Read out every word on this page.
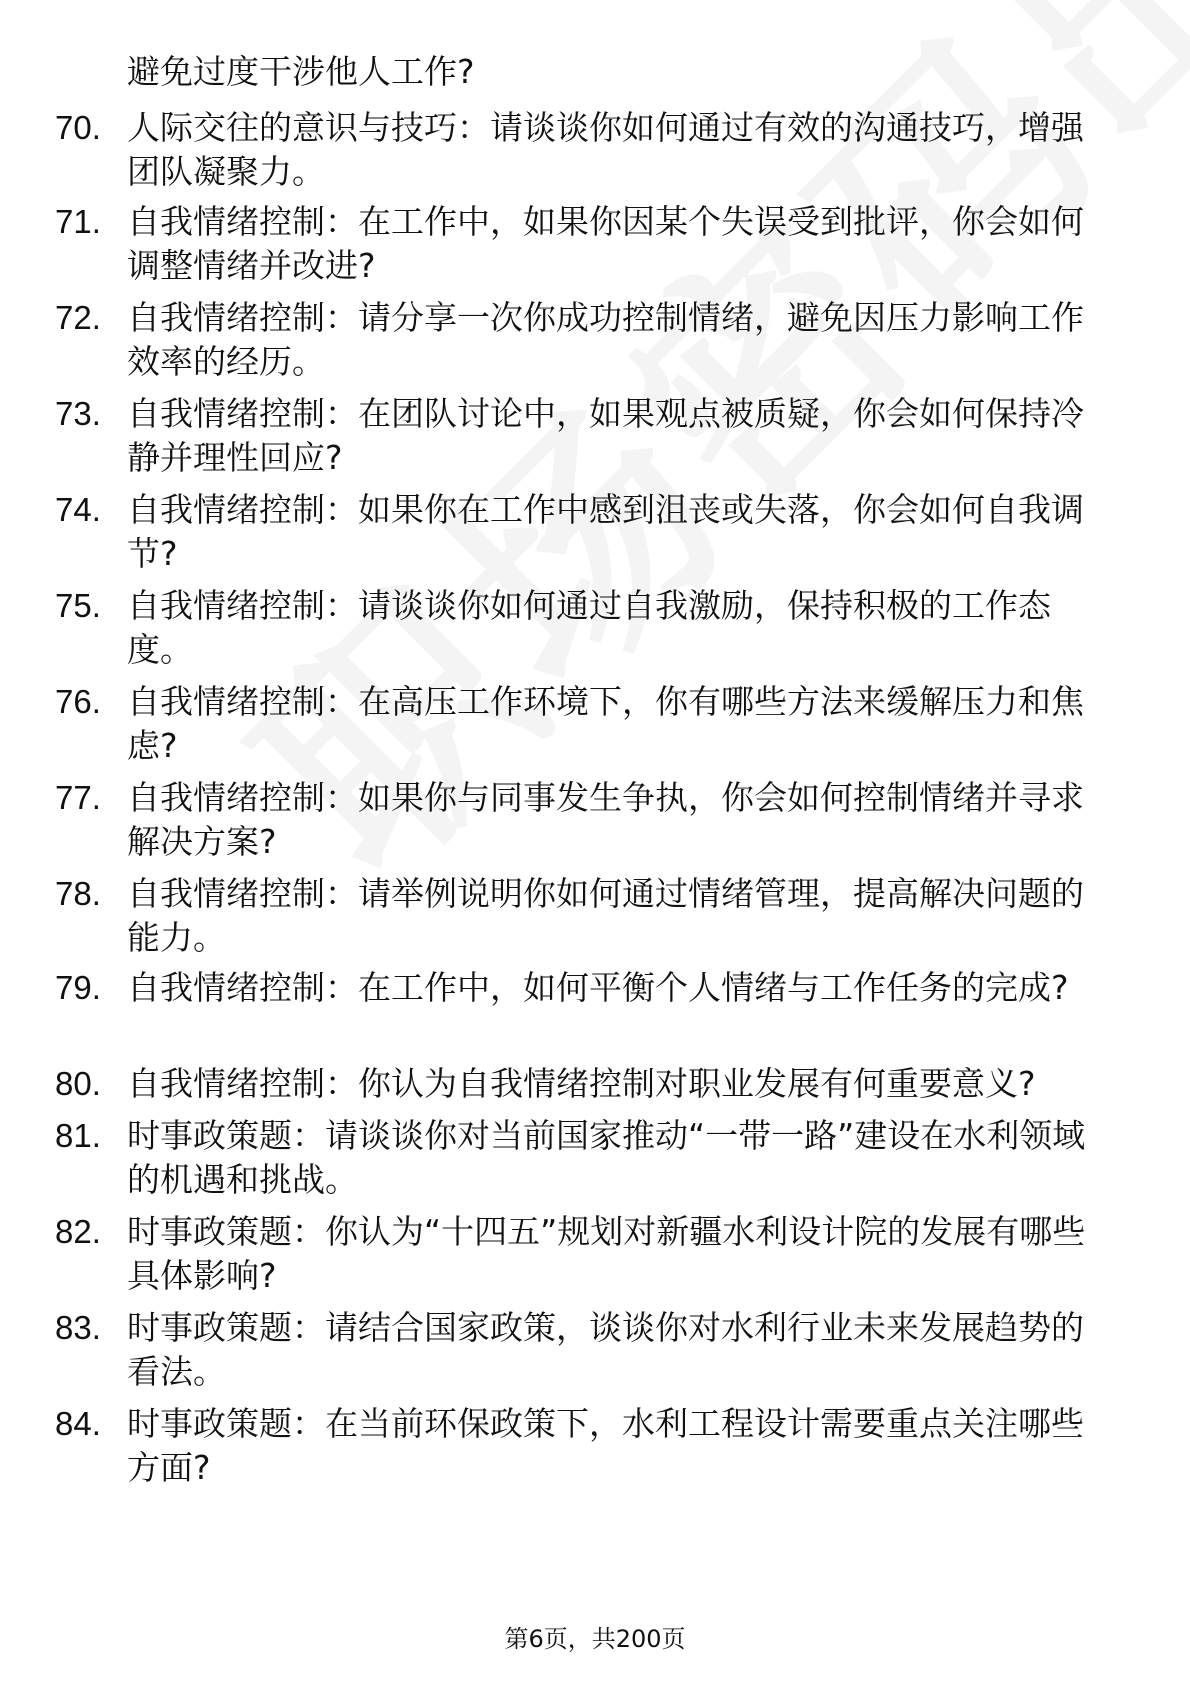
避免过度干涉他人工作?
70. 人际交往的意识与技巧：请谈谈你如何通过有效的沟通技巧，增强团队凝聚力。
71. 自我情绪控制：在工作中，如果你因某个失误受到批评，你会如何调整情绪并改进?
72. 自我情绪控制：请分享一次你成功控制情绪，避免因压力影响工作效率的经历。
73. 自我情绪控制：在团队讨论中，如果观点被质疑，你会如何保持冷静并理性回应?
74. 自我情绪控制：如果你在工作中感到沮丧或失落，你会如何自我调节?
75. 自我情绪控制：请谈谈你如何通过自我激励，保持积极的工作态度。
76. 自我情绪控制：在高压工作环境下，你有哪些方法来缓解压力和焦虑?
77. 自我情绪控制：如果你与同事发生争执，你会如何控制情绪并寻求解决方案?
78. 自我情绪控制：请举例说明你如何通过情绪管理，提高解决问题的能力。
79. 自我情绪控制：在工作中，如何平衡个人情绪与工作任务的完成?
80. 自我情绪控制：你认为自我情绪控制对职业发展有何重要意义?
81. 时事政策题：请谈谈你对当前国家推动“一带一路”建设在水利领域的机遇和挑战。
82. 时事政策题：你认为“十四五”规划对新疆水利设计院的发展有哪些具体影响?
83. 时事政策题：请结合国家政策，谈谈你对水利行业未来发展趋势的看法。
84. 时事政策题：在当前环保政策下，水利工程设计需要重点关注哪些方面?
第6页，共200页
